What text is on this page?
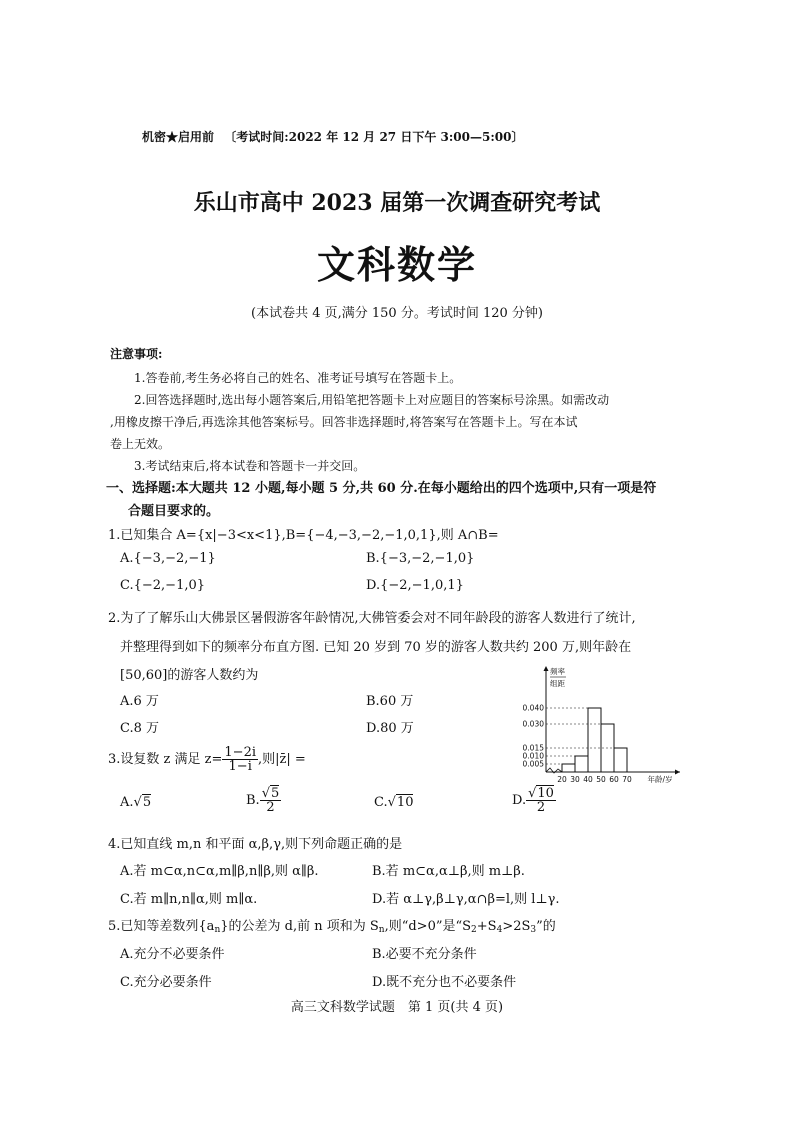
机密★启用前 〔考试时间:2022 年 12 月 27 日下午 3:00—5:00〕
乐山市高中 2023 届第一次调查研究考试
文科数学
(本试卷共 4 页,满分 150 分。考试时间 120 分钟)
注意事项:
1.答卷前,考生务必将自己的姓名、准考证号填写在答题卡上。
2.回答选择题时,选出每小题答案后,用铅笔把答题卡上对应题目的答案标号涂黑。如需改动
,用橡皮擦干净后,再选涂其他答案标号。回答非选择题时,将答案写在答题卡上。写在本试
卷上无效。
3.考试结束后,将本试卷和答题卡一并交回。
一、选择题:本大题共 12 小题,每小题 5 分,共 60 分.在每小题给出的四个选项中,只有一项是符
合题目要求的。
1.已知集合 A={x|−3<x<1},B={−4,−3,−2,−1,0,1},则 A∩B=
A.{−3,−2,−1}	B.{−3,−2,−1,0}
C.{−2,−1,0}	D.{−2,−1,0,1}
2.为了了解乐山大佛景区暑假游客年龄情况,大佛管委会对不同年龄段的游客人数进行了统计,
并整理得到如下的频率分布直方图. 已知 20 岁到 70 岁的游客人数共约 200 万,则年龄在
[50,60]的游客人数约为
A.6 万	B.60 万
C.8 万	D.80 万
频率
组距
0.040
0.030
0.015
0.010
0.005
20 30 40 50 60 70 年龄/岁
3.设复数 z 满足 $z= \frac{1-2i}{1-i}$ ,则|z̄| =
A.√5	B. $\frac{√5}{2}$	C.√10	D. $\frac{√10}{2}$
4.已知直线 m,n 和平面 α,β,γ,则下列命题正确的是
A.若 m⊂α,n⊂α,m∥β,n∥β,则 α∥β.	B.若 m⊂α,α⊥β,则 m⊥β.
C.若 m∥n,n∥α,则 m∥α.	D.若 α⊥γ,β⊥γ,α∩β=l,则 l⊥γ.
5.已知等差数列$\{a_n\}$的公差为 d,前 n 项和为 $S_n$,则“d>0”是“$S_2+S_4>2S_3$”的
A.充分不必要条件	B.必要不充分条件
C.充分必要条件	D.既不充分也不必要条件
高三文科数学试题　第 1 页(共 4 页)
